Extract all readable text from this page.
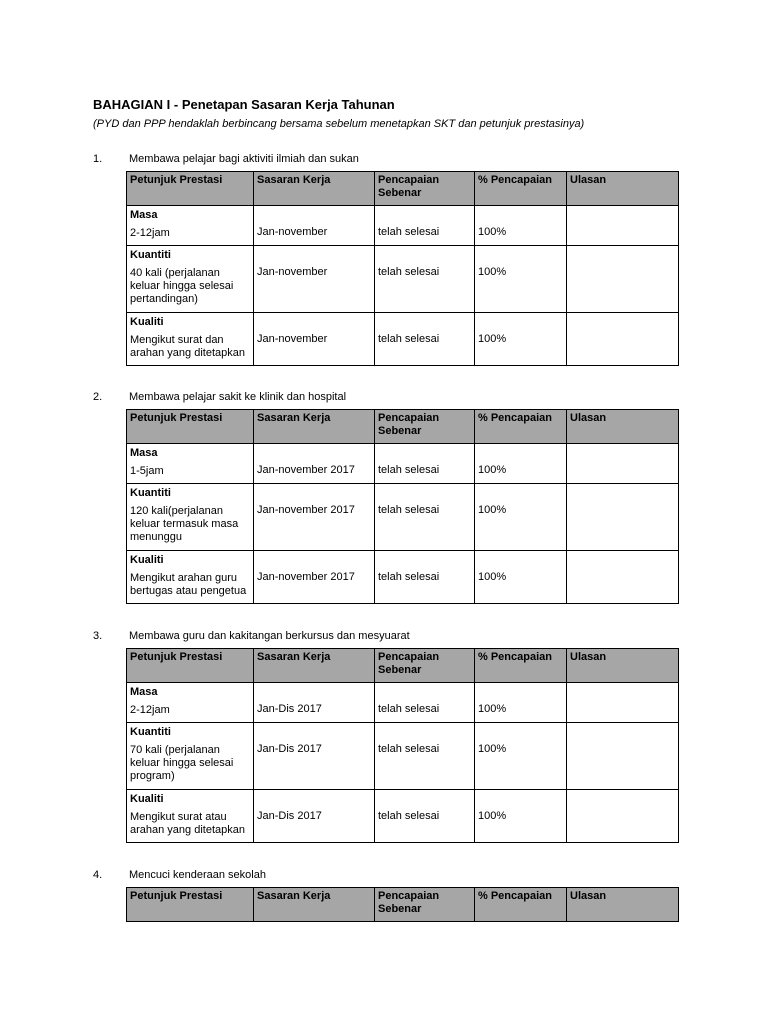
BAHAGIAN I - Penetapan Sasaran Kerja Tahunan
(PYD dan PPP hendaklah berbincang bersama sebelum menetapkan SKT dan petunjuk prestasinya)
1. Membawa pelajar bagi aktiviti ilmiah dan sukan
Petunjuk Prestasi	Sasaran Kerja	Pencapaian Sebenar	% Pencapaian	Ulasan

Masa
2-12jam	Jan-november	telah selesai	100%	

Kuantiti
40 kali (perjalanan keluar hingga selesai pertandingan)	Jan-november	telah selesai	100%	

Kualiti
Mengikut surat dan arahan yang ditetapkan	Jan-november	telah selesai	100%	

2. Membawa pelajar sakit ke klinik dan hospital
Petunjuk Prestasi	Sasaran Kerja	Pencapaian Sebenar	% Pencapaian	Ulasan

Masa
1-5jam	Jan-november 2017	telah selesai	100%	

Kuantiti
120 kali(perjalanan keluar termasuk masa menunggu	Jan-november 2017	telah selesai	100%	

Kualiti
Mengikut arahan guru bertugas atau pengetua	Jan-november 2017	telah selesai	100%	

3. Membawa guru dan kakitangan berkursus dan mesyuarat
Petunjuk Prestasi	Sasaran Kerja	Pencapaian Sebenar	% Pencapaian	Ulasan

Masa
2-12jam	Jan-Dis 2017	telah selesai	100%	

Kuantiti
70 kali (perjalanan keluar hingga selesai program)	Jan-Dis 2017	telah selesai	100%	

Kualiti
Mengikut surat atau arahan yang ditetapkan	Jan-Dis 2017	telah selesai	100%	

4. Mencuci kenderaan sekolah
Petunjuk Prestasi	Sasaran Kerja	Pencapaian Sebenar	% Pencapaian	Ulasan
